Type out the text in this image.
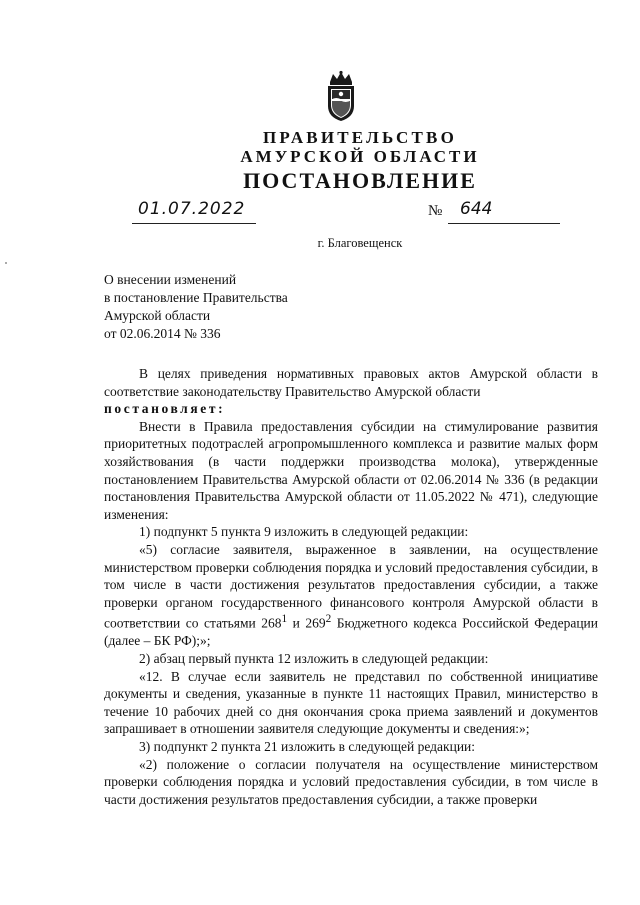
ПРАВИТЕЛЬСТВО
АМУРСКОЙ ОБЛАСТИ
ПОСТАНОВЛЕНИЕ
01.07.2022	№	644
г. Благовещенск
О внесении изменений
в постановление Правительства
Амурской области
от 02.06.2014 № 336

В целях приведения нормативных правовых актов Амурской области в соответствие законодательству Правительство Амурской области

постановляет:

Внести в Правила предоставления субсидии на стимулирование развития приоритетных подотраслей агропромышленного комплекса и развитие малых форм хозяйствования (в части поддержки производства молока), утвержденные постановлением Правительства Амурской области от 02.06.2014 № 336 (в редакции постановления Правительства Амурской области от 11.05.2022 № 471), следующие изменения:

1) подпункт 5 пункта 9 изложить в следующей редакции:

«5) согласие заявителя, выраженное в заявлении, на осуществление министерством проверки соблюдения порядка и условий предоставления субсидии, в том числе в части достижения результатов предоставления субсидии, а также проверки органом государственного финансового контроля Амурской области в соответствии со статьями $268^1$ и $269^2$ Бюджетного кодекса Российской Федерации (далее – БК РФ);»;

2) абзац первый пункта 12 изложить в следующей редакции:

«12. В случае если заявитель не представил по собственной инициативе документы и сведения, указанные в пункте 11 настоящих Правил, министерство в течение 10 рабочих дней со дня окончания срока приема заявлений и документов запрашивает в отношении заявителя следующие документы и сведения:»;

3) подпункт 2 пункта 21 изложить в следующей редакции:

«2) положение о согласии получателя на осуществление министерством проверки соблюдения порядка и условий предоставления субсидии, в том числе в части достижения результатов предоставления субсидии, а также проверки
